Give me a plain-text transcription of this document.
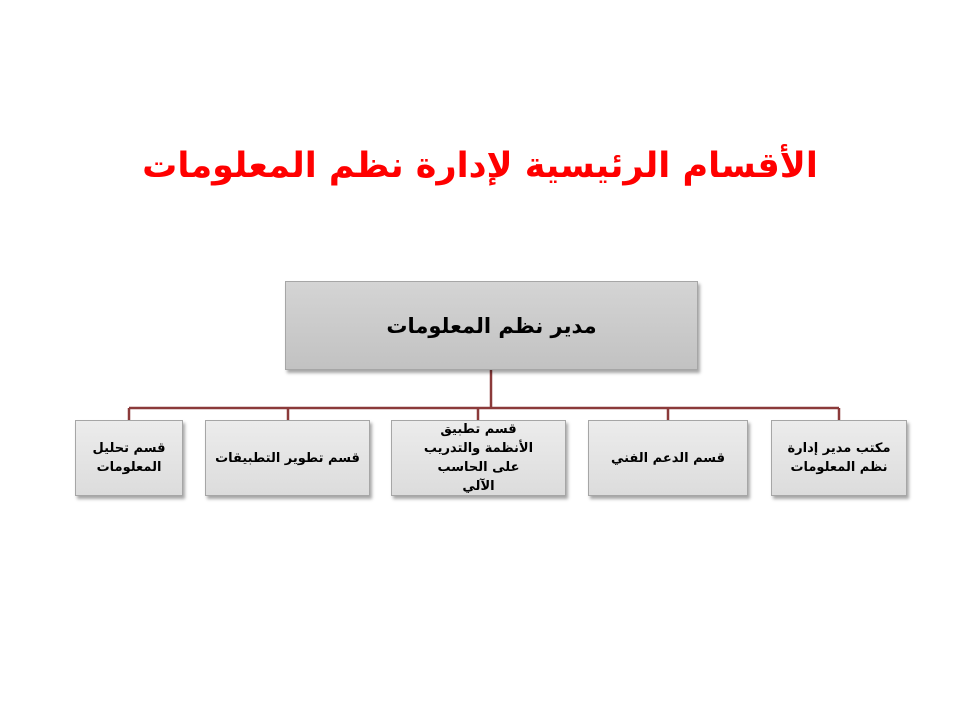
الأقسام الرئيسية لإدارة نظم المعلومات
مدير نظم المعلومات
مكتب مدير إدارة نظم المعلومات
قسم الدعم الفني
قسم تطبيق الأنظمة والتدريب على الحاسب الآلي
قسم تطوير التطبيقات
قسم تحليل المعلومات
